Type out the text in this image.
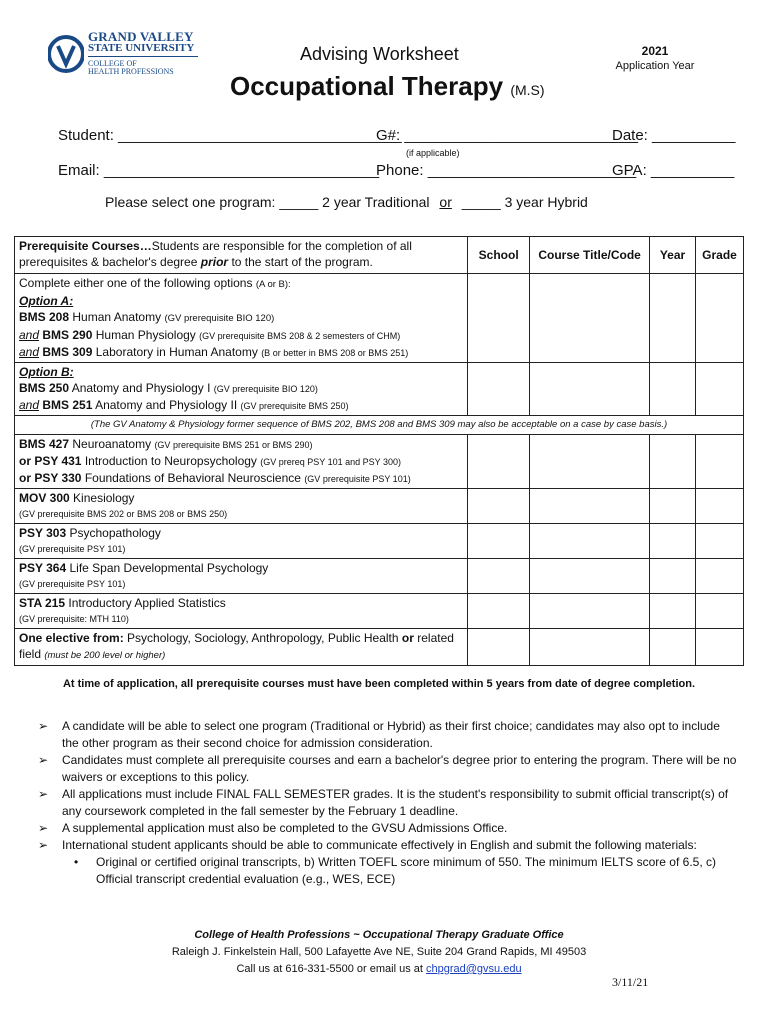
GRAND VALLEY
STATE UNIVERSITY
COLLEGE OF
HEALTH PROFESSIONS
Advising Worksheet
Occupational Therapy (M.S)
2021
Application Year
Student: __________________________________
G#: ____________________________
Date: __________
(if applicable)
Email: _________________________________
Phone: _________________________
GPA: __________
Please select one program: _____ 2 year Traditional or _____ 3 year Hybrid
Prerequisite Courses…Students are responsible for the completion of all prerequisites & bachelor's degree prior to the start of the program.	School	Course Title/Code	Year	Grade

Complete either one of the following options (A or B):
Option A:
BMS 208 Human Anatomy (GV prerequisite BIO 120)
and BMS 290 Human Physiology (GV prerequisite BMS 208 & 2 semesters of CHM)
and BMS 309 Laboratory in Human Anatomy (B or better in BMS 208 or BMS 251)				

Option B:
BMS 250 Anatomy and Physiology I (GV prerequisite BIO 120)
and BMS 251 Anatomy and Physiology II (GV prerequisite BMS 250)				

(The GV Anatomy & Physiology former sequence of BMS 202, BMS 208 and BMS 309 may also be acceptable on a case by case basis.)				

BMS 427 Neuroanatomy (GV prerequisite BMS 251 or BMS 290)
or PSY 431 Introduction to Neuropsychology (GV prereq PSY 101 and PSY 300)
or PSY 330 Foundations of Behavioral Neuroscience (GV prerequisite PSY 101)				

MOV 300 Kinesiology
(GV prerequisite BMS 202 or BMS 208 or BMS 250)				

PSY 303 Psychopathology
(GV prerequisite PSY 101)				

PSY 364 Life Span Developmental Psychology
(GV prerequisite PSY 101)				

STA 215 Introductory Applied Statistics
(GV prerequisite: MTH 110)				

One elective from: Psychology, Sociology, Anthropology, Public Health or related field (must be 200 level or higher)				
At time of application, all prerequisite courses must have been completed within 5 years from date of degree completion.
➢ A candidate will be able to select one program (Traditional or Hybrid) as their first choice; candidates may also opt to include the other program as their second choice for admission consideration.
➢ Candidates must complete all prerequisite courses and earn a bachelor's degree prior to entering the program. There will be no waivers or exceptions to this policy.
➢ All applications must include FINAL FALL SEMESTER grades. It is the student's responsibility to submit official transcript(s) of any coursework completed in the fall semester by the February 1 deadline.
➢ A supplemental application must also be completed to the GVSU Admissions Office.
➢ International student applicants should be able to communicate effectively in English and submit the following materials:
• Original or certified original transcripts, b) Written TOEFL score minimum of 550. The minimum IELTS score of 6.5, c) Official transcript credential evaluation (e.g., WES, ECE)
College of Health Professions ~ Occupational Therapy Graduate Office
Raleigh J. Finkelstein Hall, 500 Lafayette Ave NE, Suite 204 Grand Rapids, MI 49503
Call us at 616-331-5500 or email us at chpgrad@gvsu.edu
3/11/21
